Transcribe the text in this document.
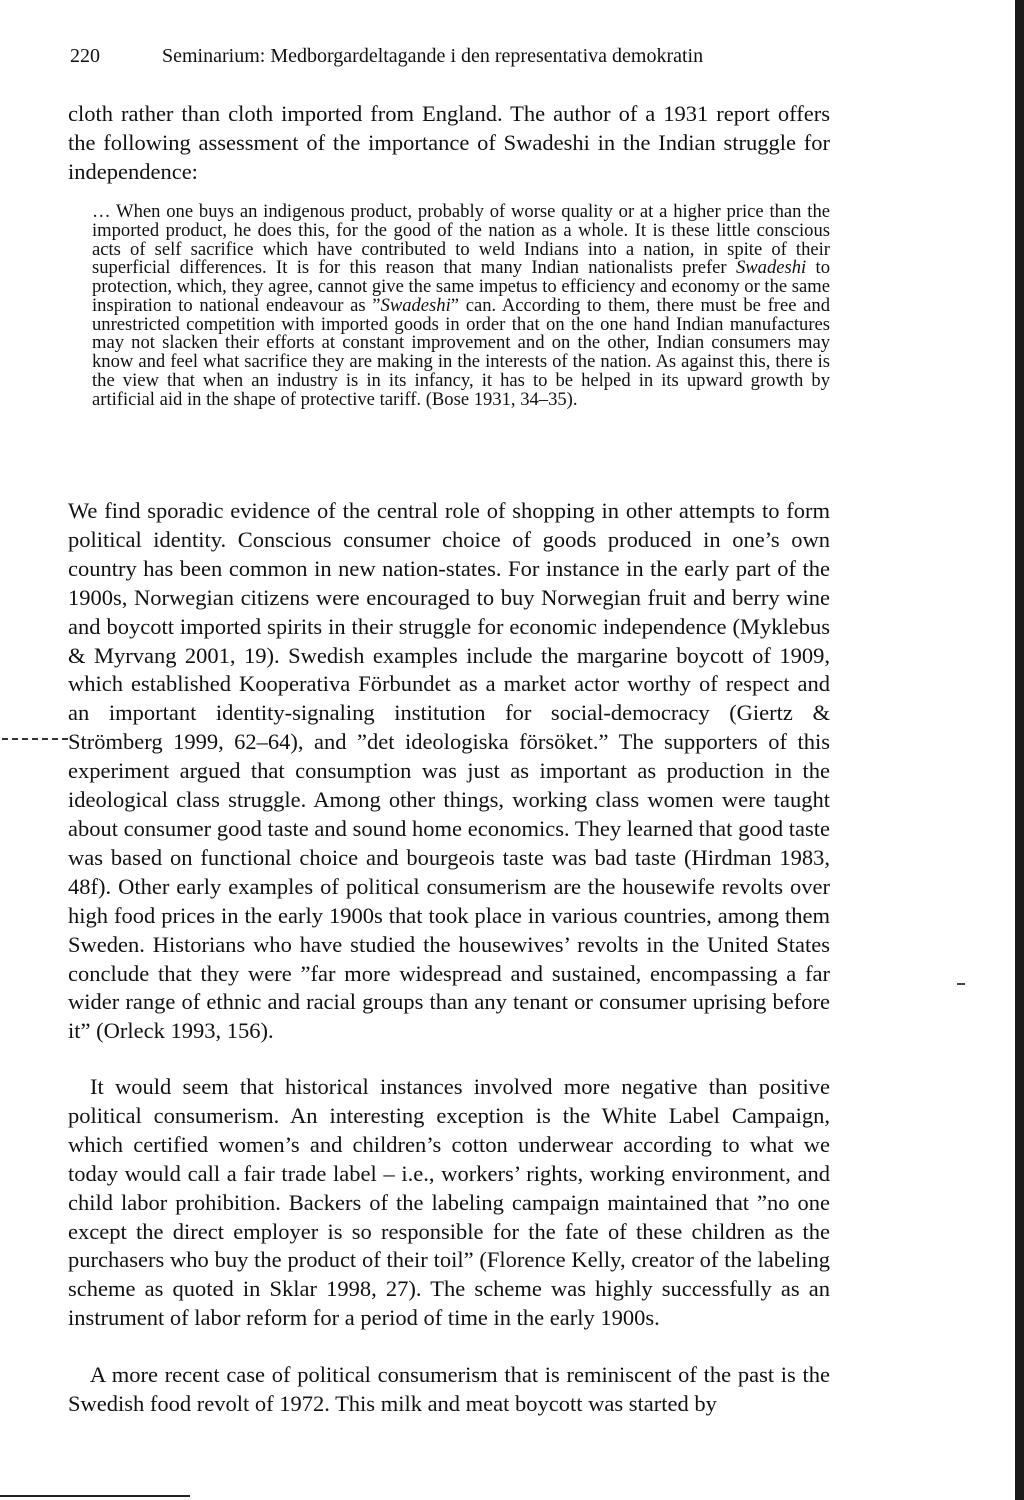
220	Seminarium: Medborgardeltagande i den representativa demokratin

cloth rather than cloth imported from England. The author of a 1931 report offers the following assessment of the importance of Swadeshi in the Indian struggle for independence:

… When one buys an indigenous product, probably of worse quality or at a higher price than the imported product, he does this, for the good of the nation as a whole. It is these little conscious acts of self sacrifice which have contributed to weld Indians into a nation, in spite of their superficial differences. It is for this reason that many Indian nationalists prefer Swadeshi to protection, which, they agree, cannot give the same impetus to efficiency and economy or the same inspiration to national endeavour as ”Swadeshi” can. According to them, there must be free and unrestricted competition with imported goods in order that on the one hand Indian manufactures may not slacken their efforts at constant improvement and on the other, Indian consumers may know and feel what sacrifice they are making in the interests of the nation. As against this, there is the view that when an industry is in its infancy, it has to be helped in its upward growth by artificial aid in the shape of protective tariff. (Bose 1931, 34–35).

We find sporadic evidence of the central role of shopping in other attempts to form political identity. Conscious consumer choice of goods produced in one’s own country has been common in new nation-states. For instance in the early part of the 1900s, Norwegian citizens were encouraged to buy Norwegian fruit and berry wine and boycott imported spirits in their struggle for economic independence (Myklebus & Myrvang 2001, 19). Swedish examples include the margarine boycott of 1909, which established Kooperativa Förbundet as a market actor worthy of respect and an important identity-signaling institution for social-democracy (Giertz & Strömberg 1999, 62–64), and ”det ideologiska försöket.” The supporters of this experiment argued that consumption was just as important as production in the ideological class struggle. Among other things, working class women were taught about consumer good taste and sound home economics. They learned that good taste was based on functional choice and bourgeois taste was bad taste (Hirdman 1983, 48f). Other early examples of political consumerism are the housewife revolts over high food prices in the early 1900s that took place in various countries, among them Sweden. Historians who have studied the housewives’ revolts in the United States conclude that they were ”far more widespread and sustained, encompassing a far wider range of ethnic and racial groups than any tenant or consumer uprising before it” (Orleck 1993, 156).

It would seem that historical instances involved more negative than positive political consumerism. An interesting exception is the White Label Campaign, which certified women’s and children’s cotton underwear according to what we today would call a fair trade label – i.e., workers’ rights, working environment, and child labor prohibition. Backers of the labeling campaign maintained that ”no one except the direct employer is so responsible for the fate of these children as the purchasers who buy the product of their toil” (Florence Kelly, creator of the labeling scheme as quoted in Sklar 1998, 27). The scheme was highly successfully as an instrument of labor reform for a period of time in the early 1900s.

A more recent case of political consumerism that is reminiscent of the past is the Swedish food revolt of 1972. This milk and meat boycott was started by
